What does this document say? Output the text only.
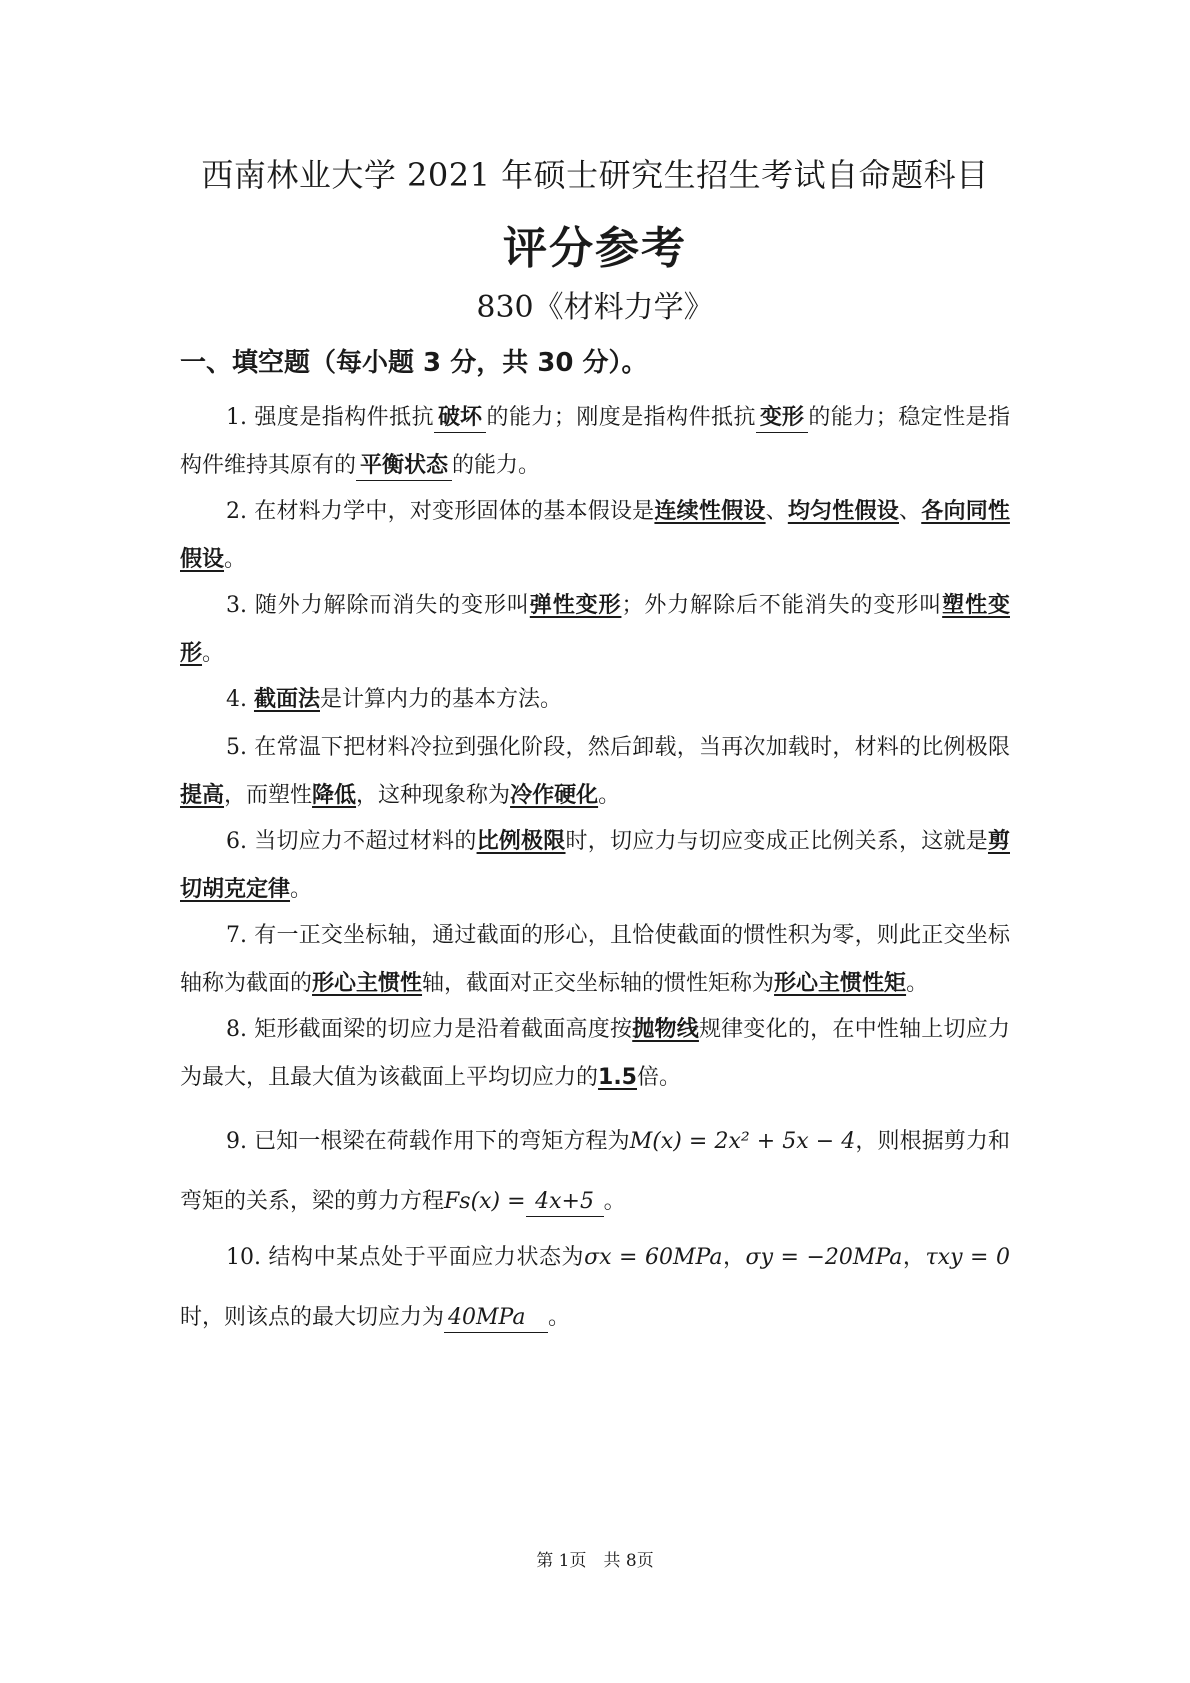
西南林业大学 2021 年硕士研究生招生考试自命题科目
评分参考
830《材料力学》
一、填空题（每小题 3 分，共 30 分）。
1. 强度是指构件抵抗 破坏 的能力；刚度是指构件抵抗 变形 的能力；稳定性是指构件维持其原有的 平衡状态 的能力。
2. 在材料力学中，对变形固体的基本假设是连续性假设、均匀性假设、各向同性假设。
3. 随外力解除而消失的变形叫弹性变形；外力解除后不能消失的变形叫塑性变形。
4. 截面法是计算内力的基本方法。
5. 在常温下把材料冷拉到强化阶段，然后卸载，当再次加载时，材料的比例极限提高，而塑性降低，这种现象称为冷作硬化。
6. 当切应力不超过材料的比例极限时，切应力与切应变成正比例关系，这就是剪切胡克定律。
7. 有一正交坐标轴，通过截面的形心，且恰使截面的惯性积为零，则此正交坐标轴称为截面的形心主惯性轴，截面对正交坐标轴的惯性矩称为形心主惯性矩。
8. 矩形截面梁的切应力是沿着截面高度按抛物线规律变化的，在中性轴上切应力为最大，且最大值为该截面上平均切应力的1.5倍。
9. 已知一根梁在荷载作用下的弯矩方程为M(x) = 2x² + 5x − 4，则根据剪力和弯矩的关系，梁的剪力方程Fs(x) = 4x+5 。
10. 结构中某点处于平面应力状态为σx = 60MPa，σy = −20MPa，τxy = 0时，则该点的最大切应力为 40MPa 。
第 1页　共 8页
